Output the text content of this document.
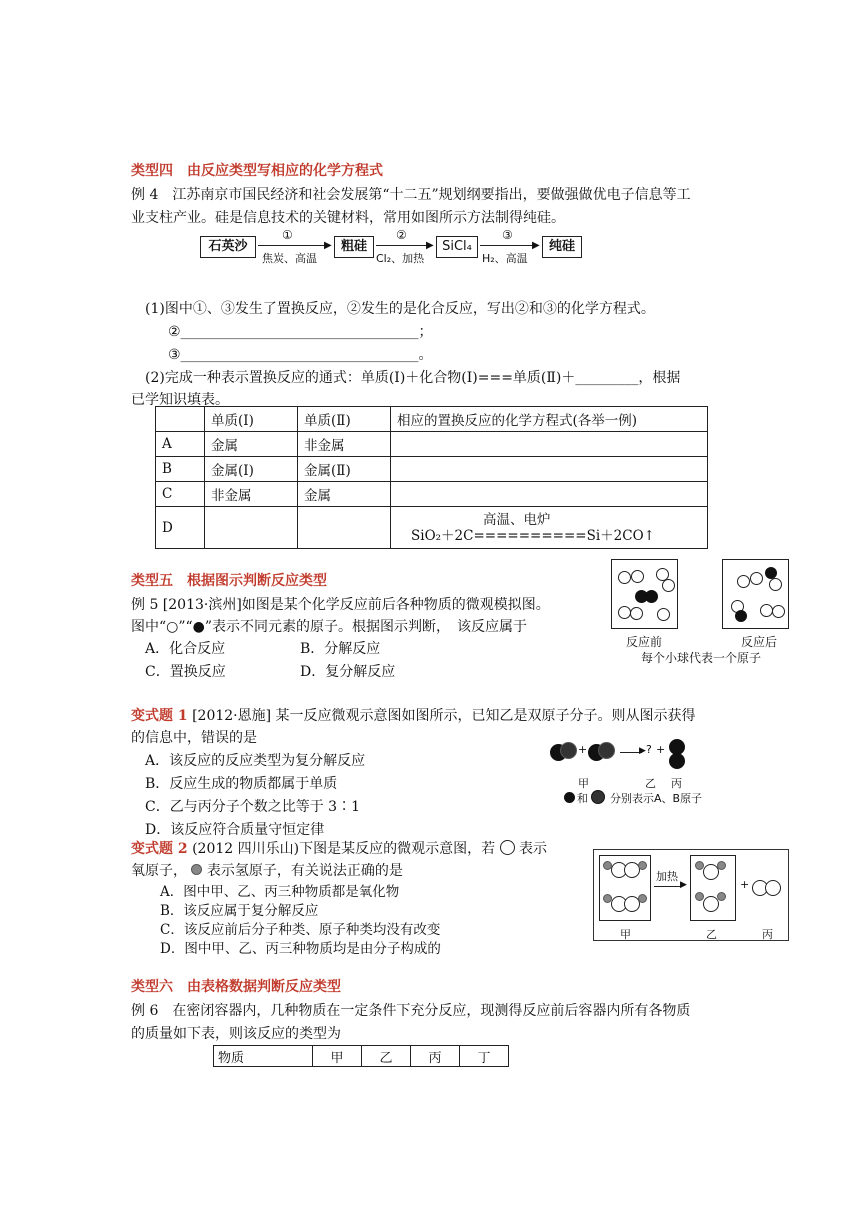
类型四　由反应类型写相应的化学方程式
例 4　江苏南京市国民经济和社会发展第“十二五”规划纲要指出，要做强做优电子信息等工
业支柱产业。硅是信息技术的关键材料，常用如图所示方法制得纯硅。
石英沙
①
▶
焦炭、高温
粗硅
②
▶
Cl₂、加热
SiCl₄
③
▶
H₂、高温
纯硅
(1)图中①、③发生了置换反应，②发生的是化合反应，写出②和③的化学方程式。
②__________________________________；
③__________________________________。
(2)完成一种表示置换反应的通式：单质(Ⅰ)＋化合物(Ⅰ)===单质(Ⅱ)＋_________，根据
已学知识填表。
	单质(Ⅰ)	单质(Ⅱ)	相应的置换反应的化学方程式(各举一例)
A	金属	非金属	
B	金属(Ⅰ)	金属(Ⅱ)	
C	非金属	金属	
D			高温、电炉
SiO₂＋2C==========Si＋2CO↑
类型五　根据图示判断反应类型
例 5 [2013·滨州]如图是某个化学反应前后各种物质的微观模拟图。
图中“○”“●”表示不同元素的原子。根据图示判断，　该反应属于
A．化合反应	B．分解反应
C．置换反应	D．复分解反应
反应前	反应后
每个小球代表一个原子
变式题 1 [2012·恩施] 某一反应微观示意图如图所示，已知乙是双原子分子。则从图示获得
的信息中，错误的是
A．该反应的反应类型为复分解反应
B．反应生成的物质都属于单质
C．乙与丙分子个数之比等于 3∶1
D．该反应符合质量守恒定律
+	▶ ? +
甲	乙 丙
和 分别表示A、B原子
变式题 2 (2012 四川乐山)下图是某反应的微观示意图，若 表示
氧原子， 表示氢原子，有关说法正确的是
A．图中甲、乙、丙三种物质都是氧化物
B．该反应属于复分解反应
C．该反应前后分子种类、原子种类均没有改变
D．图中甲、乙、丙三种物质均是由分子构成的
加热
▶	+
甲	乙	丙
类型六　由表格数据判断反应类型
例 6　在密闭容器内，几种物质在一定条件下充分反应，现测得反应前后容器内所有各物质
的质量如下表，则该反应的类型为
物质	甲	乙	丙	丁
